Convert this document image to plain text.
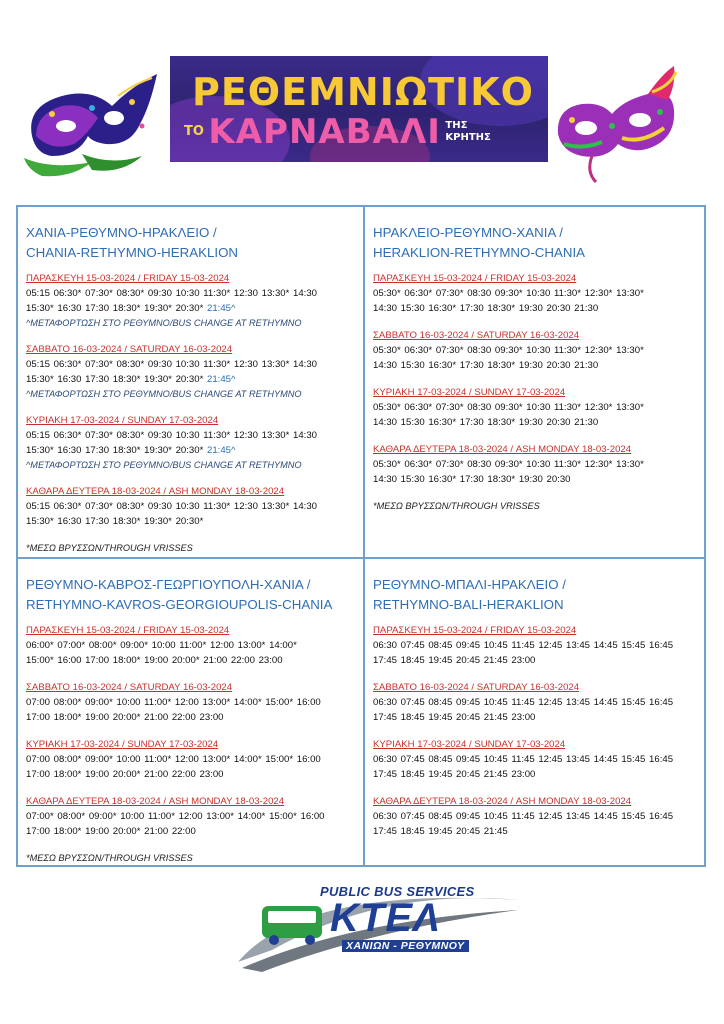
ΡΕΘΕΜΝΙΩΤΙΚΟ
ΤΟ ΚΑΡΝΑΒΑΛΙ ΤΗΣ
ΚΡΗΤΗΣ
ΧΑΝΙΑ-ΡΕΘΥΜΝΟ-ΗΡΑΚΛΕΙΟ /
CHANIA-RETHYMNO-HERAKLION
ΠΑΡΑΣΚΕΥΗ 15-03-2024 / FRIDAY 15-03-2024
05:15 06:30* 07:30* 08:30* 09:30 10:30 11:30* 12:30 13:30* 14:30
15:30* 16:30 17:30 18:30* 19:30* 20:30* 21:45^
^ΜΕΤΑΦΟΡΤΩΣΗ ΣΤΟ ΡΕΘΥΜΝΟ/BUS CHANGE AT RETHYMNO
ΣΑΒΒΑΤΟ 16-03-2024 / SATURDAY 16-03-2024
05:15 06:30* 07:30* 08:30* 09:30 10:30 11:30* 12:30 13:30* 14:30
15:30* 16:30 17:30 18:30* 19:30* 20:30* 21:45^
^ΜΕΤΑΦΟΡΤΩΣΗ ΣΤΟ ΡΕΘΥΜΝΟ/BUS CHANGE AT RETHYMNO
ΚΥΡΙΑΚΗ 17-03-2024 / SUNDAY 17-03-2024
05:15 06:30* 07:30* 08:30* 09:30 10:30 11:30* 12:30 13:30* 14:30
15:30* 16:30 17:30 18:30* 19:30* 20:30* 21:45^
^ΜΕΤΑΦΟΡΤΩΣΗ ΣΤΟ ΡΕΘΥΜΝΟ/BUS CHANGE AT RETHYMNO
ΚΑΘΑΡΑ ΔΕΥΤΕΡΑ 18-03-2024 / ASH MONDAY 18-03-2024
05:15 06:30* 07:30* 08:30* 09:30 10:30 11:30* 12:30 13:30* 14:30
15:30* 16:30 17:30 18:30* 19:30* 20:30*
*ΜΕΣΩ ΒΡΥΣΣΩΝ/THROUGH VRISSES
ΗΡΑΚΛΕΙΟ-ΡΕΘΥΜΝΟ-ΧΑΝΙΑ /
HERAKLION-RETHYMNO-CHANIA
ΠΑΡΑΣΚΕΥΗ 15-03-2024 / FRIDAY 15-03-2024
05:30* 06:30* 07:30* 08:30 09:30* 10:30 11:30* 12:30* 13:30*
14:30 15:30 16:30* 17:30 18:30* 19:30 20:30 21:30
ΣΑΒΒΑΤΟ 16-03-2024 / SATURDAY 16-03-2024
05:30* 06:30* 07:30* 08:30 09:30* 10:30 11:30* 12:30* 13:30*
14:30 15:30 16:30* 17:30 18:30* 19:30 20:30 21:30
ΚΥΡΙΑΚΗ 17-03-2024 / SUNDAY 17-03-2024
05:30* 06:30* 07:30* 08:30 09:30* 10:30 11:30* 12:30* 13:30*
14:30 15:30 16:30* 17:30 18:30* 19:30 20:30 21:30
ΚΑΘΑΡΑ ΔΕΥΤΕΡΑ 18-03-2024 / ASH MONDAY 18-03-2024
05:30* 06:30* 07:30* 08:30 09:30* 10:30 11:30* 12:30* 13:30*
14:30 15:30 16:30* 17:30 18:30* 19:30 20:30
*ΜΕΣΩ ΒΡΥΣΣΩΝ/THROUGH VRISSES
ΡΕΘΥΜΝΟ-ΚΑΒΡΟΣ-ΓΕΩΡΓΙΟΥΠΟΛΗ-ΧΑΝΙΑ /
RETHYMNO-KAVROS-GEORGIOUPOLIS-CHANIA
ΠΑΡΑΣΚΕΥΗ 15-03-2024 / FRIDAY 15-03-2024
06:00* 07:00* 08:00* 09:00* 10:00 11:00* 12:00 13:00* 14:00*
15:00* 16:00 17:00 18:00* 19:00 20:00* 21:00 22:00 23:00
ΣΑΒΒΑΤΟ 16-03-2024 / SATURDAY 16-03-2024
07:00 08:00* 09:00* 10:00 11:00* 12:00 13:00* 14:00* 15:00* 16:00
17:00 18:00* 19:00 20:00* 21:00 22:00 23:00
ΚΥΡΙΑΚΗ 17-03-2024 / SUNDAY 17-03-2024
07:00 08:00* 09:00* 10:00 11:00* 12:00 13:00* 14:00* 15:00* 16:00
17:00 18:00* 19:00 20:00* 21:00 22:00 23:00
ΚΑΘΑΡΑ ΔΕΥΤΕΡΑ 18-03-2024 / ASH MONDAY 18-03-2024
07:00* 08:00* 09:00* 10:00 11:00* 12:00 13:00* 14:00* 15:00* 16:00
17:00 18:00* 19:00 20:00* 21:00 22:00
*ΜΕΣΩ ΒΡΥΣΣΩΝ/THROUGH VRISSES
ΡΕΘΥΜΝΟ-ΜΠΑΛΙ-ΗΡΑΚΛΕΙΟ /
RETHYMNO-BALI-HERAKLION
ΠΑΡΑΣΚΕΥΗ 15-03-2024 / FRIDAY 15-03-2024
06:30 07:45 08:45 09:45 10:45 11:45 12:45 13:45 14:45 15:45 16:45
17:45 18:45 19:45 20:45 21:45 23:00
ΣΑΒΒΑΤΟ 16-03-2024 / SATURDAY 16-03-2024
06:30 07:45 08:45 09:45 10:45 11:45 12:45 13:45 14:45 15:45 16:45
17:45 18:45 19:45 20:45 21:45 23:00
ΚΥΡΙΑΚΗ 17-03-2024 / SUNDAY 17-03-2024
06:30 07:45 08:45 09:45 10:45 11:45 12:45 13:45 14:45 15:45 16:45
17:45 18:45 19:45 20:45 21:45 23:00
ΚΑΘΑΡΑ ΔΕΥΤΕΡΑ 18-03-2024 / ASH MONDAY 18-03-2024
06:30 07:45 08:45 09:45 10:45 11:45 12:45 13:45 14:45 15:45 16:45
17:45 18:45 19:45 20:45 21:45
PUBLIC BUS SERVICES
ΚΤΕΛ
ΧΑΝΙΩΝ - ΡΕΘΥΜΝΟΥ
